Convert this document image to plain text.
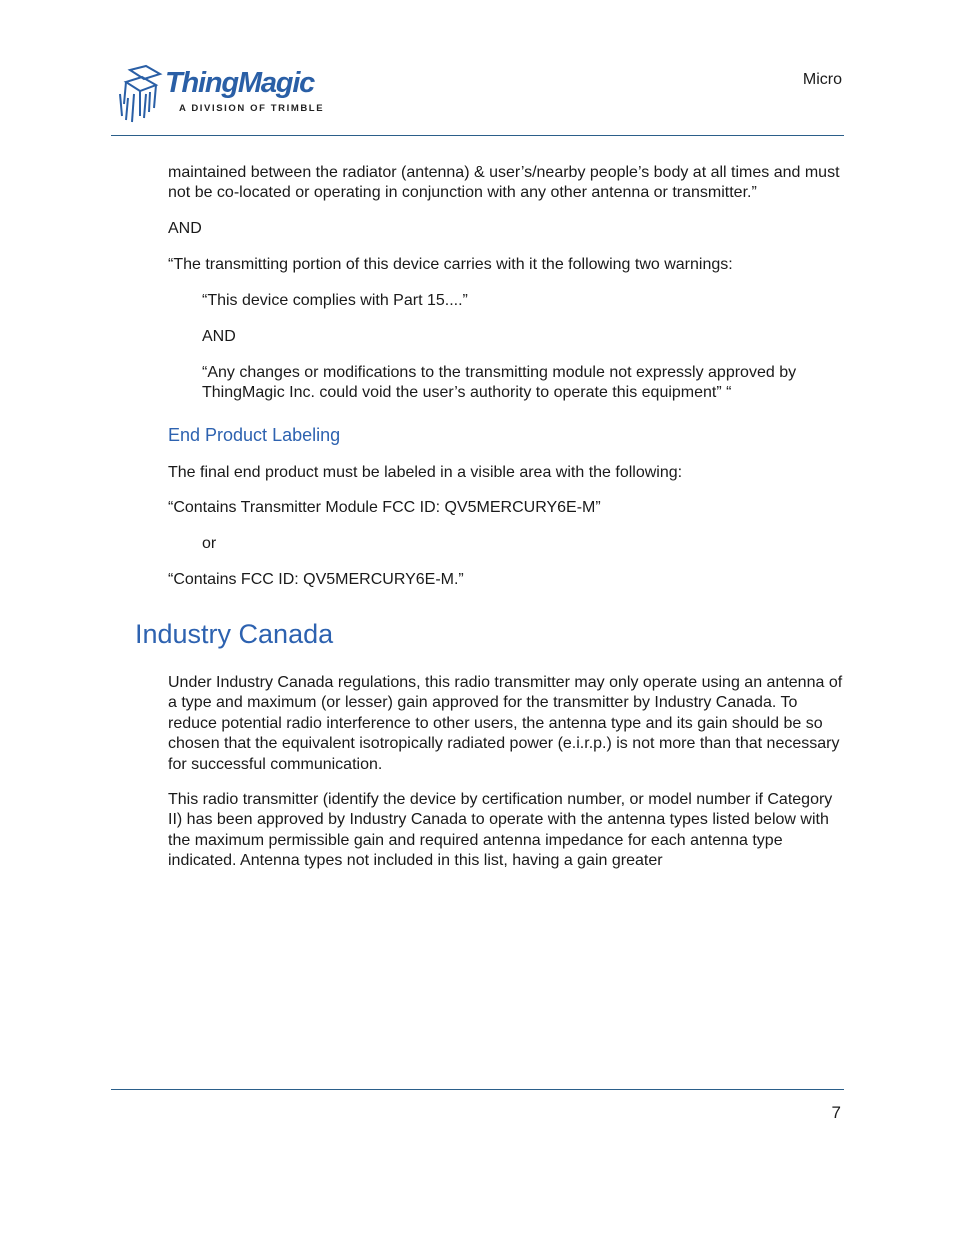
ThingMagic
A DIVISION OF TRIMBLE
Micro

maintained between the radiator (antenna) & user’s/nearby people’s body at all times and must not be co-located or operating in conjunction with any other antenna or transmitter.”

AND

“The transmitting portion of this device carries with it the following two warnings:

“This device complies with Part 15....”

AND

“Any changes or modifications to the transmitting module not expressly approved by ThingMagic Inc. could void the user’s authority to operate this equipment” “

End Product Labeling

The final end product must be labeled in a visible area with the following:

“Contains Transmitter Module FCC ID: QV5MERCURY6E-M”

or

“Contains FCC ID: QV5MERCURY6E-M.”

Industry Canada

Under Industry Canada regulations, this radio transmitter may only operate using an antenna of a type and maximum (or lesser) gain approved for the transmitter by Industry Canada. To reduce potential radio interference to other users, the antenna type and its gain should be so chosen that the equivalent isotropically radiated power (e.i.r.p.) is not more than that necessary for successful communication.

This radio transmitter (identify the device by certification number, or model number if Category II) has been approved by Industry Canada to operate with the antenna types listed below with the maximum permissible gain and required antenna impedance for each antenna type indicated. Antenna types not included in this list, having a gain greater

7
